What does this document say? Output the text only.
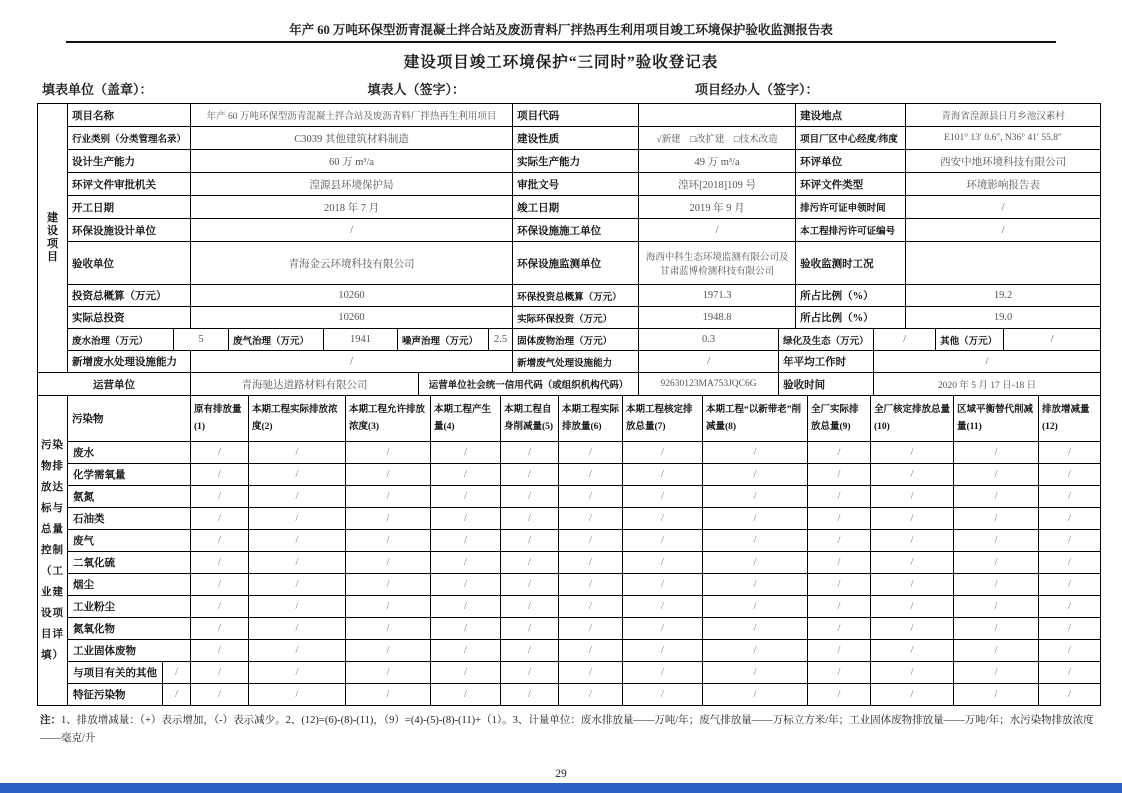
年产 60 万吨环保型沥青混凝土拌合站及废沥青料厂拌热再生利用项目竣工环境保护验收监测报告表
建设项目竣工环境保护“三同时”验收登记表
填表单位（盖章）：	填表人（签字）：	项目经办人（签字）：
建
设
项
目	项目名称		年产 60 万吨环保型沥青混凝土拌合站及废沥青料厂拌热再生利用项目						项目代码			建设地点		青海省湟源县日月乡池汉素村		
	行业类别（分类管理名录）		C3039 其他建筑材料制造						建设性质	√新建　□改扩建　□技术改造		项目厂区中心经度/纬度		E101° 13′ 0.6″, N36° 41′ 55.8″		
	设计生产能力		60 万 m³/a						实际生产能力	49 万 m³/a		环评单位		西安中地环境科技有限公司		
	环评文件审批机关		湟源县环境保护局						审批文号	湟环[2018]109 号		环评文件类型		环境影响报告表		
	开工日期		2018 年 7 月						竣工日期	2019 年 9 月		排污许可证申领时间		/		
	环保设施设计单位		/						环保设施施工单位	/		本工程排污许可证编号		/		
	验收单位		青海金云环境科技有限公司						环保设施监测单位	海西中科生态环境监测有限公司及甘肃蓝博检测科技有限公司		验收监测时工况				
	投资总概算（万元）		10260						环保投资总概算（万元）	1971.3		所占比例（%）		19.2		
	实际总投资		10260						实际环保投资（万元）	1948.8		所占比例（%）		19.0		
	废水治理（万元）	5		废气治理（万元）	1941	噪声治理（万元）		2.5	固体废物治理（万元）	0.3	绿化及生态（万元）		/		其他（万元）	/
	新增废水处理设施能力		/						新增废气处理设施能力	/	年平均工作时		/			
运营单位			青海驰达道路材料有限公司				运营单位社会统一信用代码（或组织机构代码）			92630123MA753JQC6G	验收时间		2020 年 5 月 17 日-18 日			
污染
物排
放达
标与
总量
控制
（工
业建
设项
目详
填）
	污染物	原有排放量(1)	本期工程实际排放浓度(2)	本期工程允许排放浓度(3)	本期工程产生量(4)	本期工程自身削减量(5)	本期工程实际排放量(6)	本期工程核定排放总量(7)	本期工程“以新带老”削减量(8)	全厂实际排放总量(9)	全厂核定排放总量(10)	区域平衡替代削减量(11)	排放增减量(12)
	废水		/	/	/	/	/	/	/	/	/	/	/	/
	化学需氧量		/	/	/	/	/	/	/	/	/	/	/	/
	氨氮		/	/	/	/	/	/	/	/	/	/	/	/
	石油类		/	/	/	/	/	/	/	/	/	/	/	/
	废气		/	/	/	/	/	/	/	/	/	/	/	/
	二氧化硫		/	/	/	/	/	/	/	/	/	/	/	/
	烟尘		/	/	/	/	/	/	/	/	/	/	/	/
	工业粉尘		/	/	/	/	/	/	/	/	/	/	/	/
	氮氧化物		/	/	/	/	/	/	/	/	/	/	/	/
	工业固体废物		/	/	/	/	/	/	/	/	/	/	/	/
	与项目有关的其他	/	/	/	/	/	/	/	/	/	/	/	/	/
	特征污染物	/	/	/	/	/	/	/	/	/	/	/	/	/
注：1、排放增减量：（+）表示增加，（-）表示减少。2、(12)=(6)-(8)-(11)，（9）=(4)-(5)-(8)-(11)+（1）。3、计量单位：废水排放量——万吨/年；废气排放量——万标立方米/年；工业固体废物排放量——万吨/年；水污染物排放浓度——毫克/升
29
